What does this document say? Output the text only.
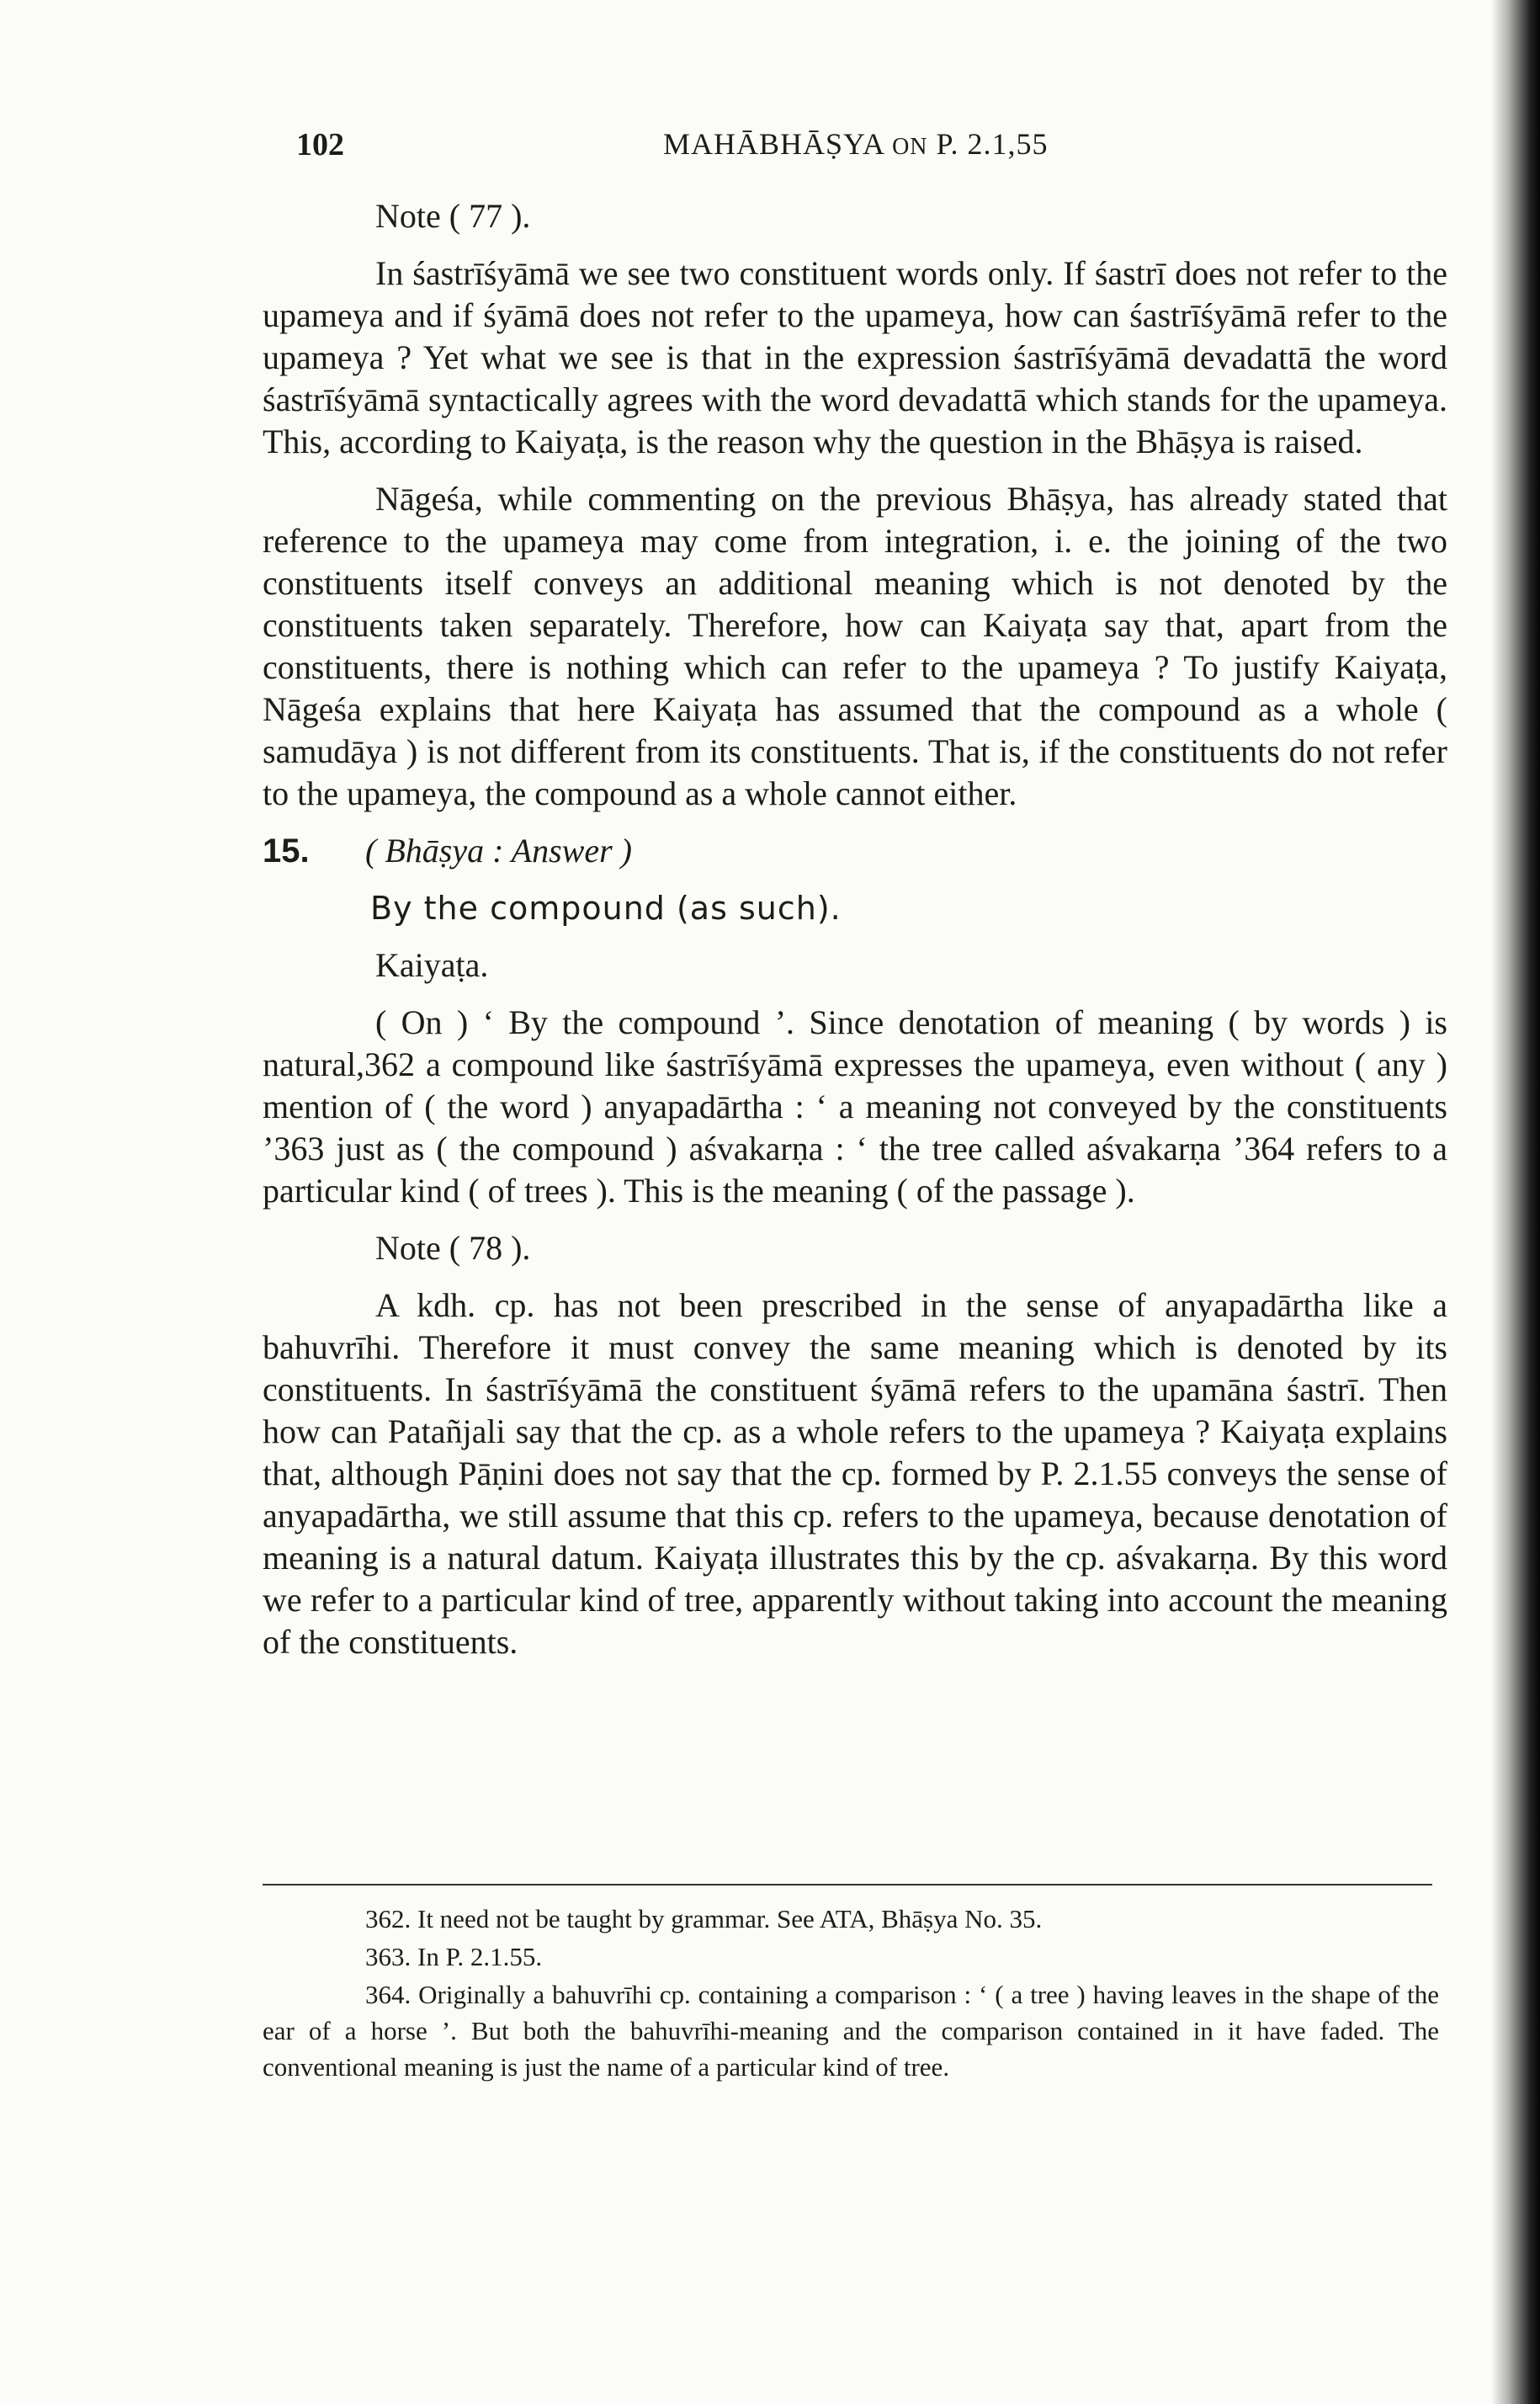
102	MAHĀBHĀṢYA ON P. 2.1,55

Note ( 77 ).

In śastrīśyāmā we see two constituent words only. If śastrī does not refer to the upameya and if śyāmā does not refer to the upameya, how can śastrīśyāmā refer to the upameya ? Yet what we see is that in the expression śastrīśyāmā devadattā the word śastrīśyāmā syntactically agrees with the word devadattā which stands for the upameya. This, according to Kaiyaṭa, is the reason why the question in the Bhāṣya is raised.

Nāgeśa, while commenting on the previous Bhāṣya, has already stated that reference to the upameya may come from integration, i. e. the joining of the two constituents itself conveys an additional meaning which is not denoted by the constituents taken separately. Therefore, how can Kaiyaṭa say that, apart from the constituents, there is nothing which can refer to the upameya ? To justify Kaiyaṭa, Nāgeśa explains that here Kaiyaṭa has assumed that the compound as a whole ( samudāya ) is not different from its constituents. That is, if the constituents do not refer to the upameya, the compound as a whole cannot either.

15. ( Bhāṣya : Answer )

By the compound (as such).

Kaiyaṭa.

( On ) ‘ By the compound ’. Since denotation of meaning ( by words ) is natural,362 a compound like śastrīśyāmā expresses the upameya, even without ( any ) mention of ( the word ) anyapadārtha : ‘ a meaning not conveyed by the constituents ’363 just as ( the compound ) aśvakarṇa : ‘ the tree called aśvakarṇa ’364 refers to a particular kind ( of trees ). This is the meaning ( of the passage ).

Note ( 78 ).

A kdh. cp. has not been prescribed in the sense of anyapadārtha like a bahuvrīhi. Therefore it must convey the same meaning which is denoted by its constituents. In śastrīśyāmā the constituent śyāmā refers to the upamāna śastrī. Then how can Patañjali say that the cp. as a whole refers to the upameya ? Kaiyaṭa explains that, although Pāṇini does not say that the cp. formed by P. 2.1.55 conveys the sense of anyapadārtha, we still assume that this cp. refers to the upameya, because denotation of meaning is a natural datum. Kaiyaṭa illustrates this by the cp. aśvakarṇa. By this word we refer to a particular kind of tree, apparently without taking into account the meaning of the constituents.

362. It need not be taught by grammar. See ATA, Bhāṣya No. 35.

363. In P. 2.1.55.

364. Originally a bahuvrīhi cp. containing a comparison : ‘ ( a tree ) having leaves in the shape of the ear of a horse ’. But both the bahuvrīhi-meaning and the comparison contained in it have faded. The conventional meaning is just the name of a particular kind of tree.
